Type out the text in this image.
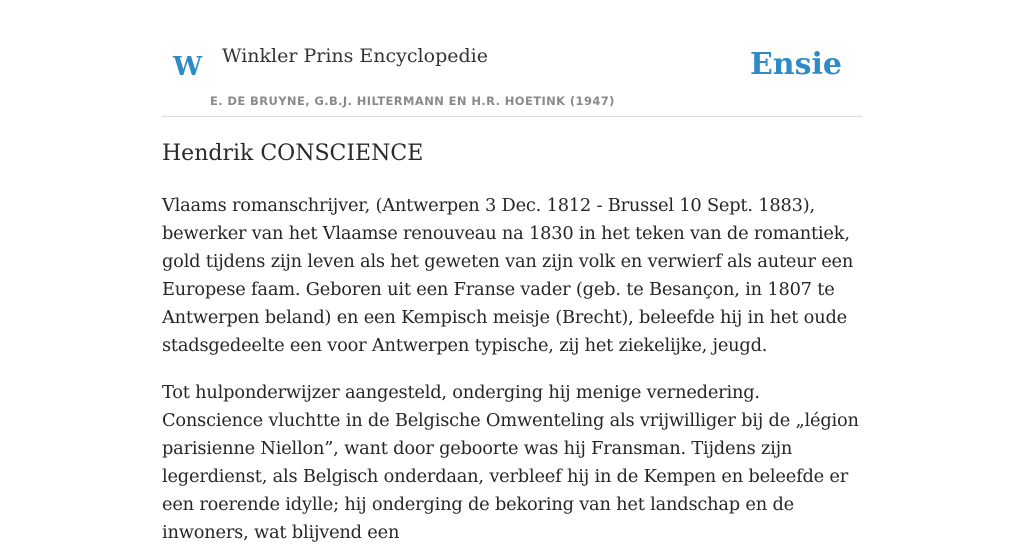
W Winkler Prins Encyclopedie
E. DE BRUYNE, G.B.J. HILTERMANN EN H.R. HOETINK (1947)
Ensie
Hendrik CONSCIENCE

Vlaams romanschrijver, (Antwerpen 3 Dec. 1812 - Brussel 10 Sept. 1883), bewerker van het Vlaamse renouveau na 1830 in het teken van de romantiek, gold tijdens zijn leven als het geweten van zijn volk en verwierf als auteur een Europese faam. Geboren uit een Franse vader (geb. te Besançon, in 1807 te Antwerpen beland) en een Kempisch meisje (Brecht), beleefde hij in het oude stadsgedeelte een voor Antwerpen typische, zij het ziekelijke, jeugd.

Tot hulponderwijzer aangesteld, onderging hij menige vernedering. Conscience vluchtte in de Belgische Omwenteling als vrijwilliger bij de „légion parisienne Niellon”, want door geboorte was hij Fransman. Tijdens zijn legerdienst, als Belgisch onderdaan, verbleef hij in de Kempen en beleefde er een roerende idylle; hij onderging de bekoring van het landschap en de inwoners, wat blijvend een
